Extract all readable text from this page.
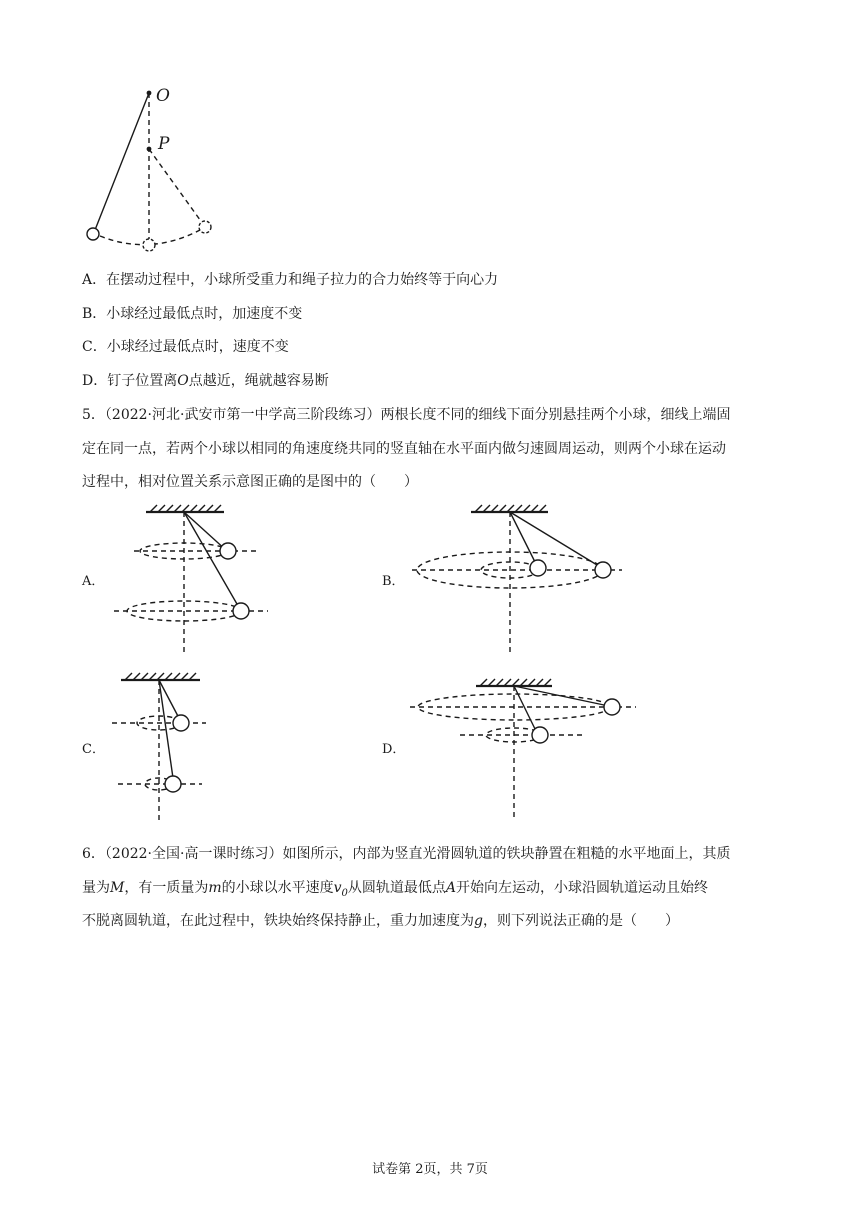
O
P
A．在摆动过程中，小球所受重力和绳子拉力的合力始终等于向心力
B．小球经过最低点时，加速度不变
C．小球经过最低点时，速度不变
D．钉子位置离O点越近，绳就越容易断
5．（2022·河北·武安市第一中学高三阶段练习）两根长度不同的细线下面分别悬挂两个小球，细线上端固
定在同一点，若两个小球以相同的角速度绕共同的竖直轴在水平面内做匀速圆周运动，则两个小球在运动
过程中，相对位置关系示意图正确的是图中的（　　）
A．	B．
C．	D．
6．（2022·全国·高一课时练习）如图所示，内部为竖直光滑圆轨道的铁块静置在粗糙的水平地面上，其质
量为M，有一质量为m的小球以水平速度$v_0$从圆轨道最低点A开始向左运动，小球沿圆轨道运动且始终
不脱离圆轨道，在此过程中，铁块始终保持静止，重力加速度为g，则下列说法正确的是（　　）
试卷第 2页，共 7页
